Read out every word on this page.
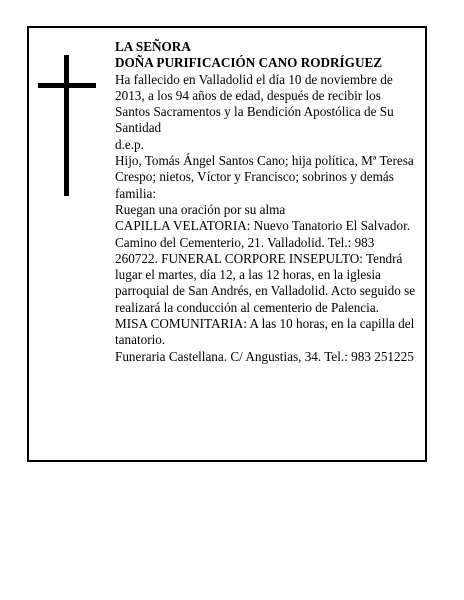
LA SEÑORA

DOÑA PURIFICACIÓN CANO RODRÍGUEZ

Ha fallecido en Valladolid el día 10 de noviembre de 2013, a los 94 años de edad, después de recibir los Santos Sacramentos y la Bendición Apostólica de Su Santidad

d.e.p.

Hijo, Tomás Ángel Santos Cano; hija política, Mª Teresa Crespo; nietos, Víctor y Francisco; sobrinos y demás familia:

Ruegan una oración por su alma

CAPILLA VELATORIA: Nuevo Tanatorio El Salvador. Camino del Cementerio, 21. Valladolid. Tel.: 983 260722. FUNERAL CORPORE INSEPULTO: Tendrá lugar el martes, día 12, a las 12 horas, en la iglesia parroquial de San Andrés, en Valladolid. Acto seguido se realizará la conducción al cementerio de Palencia.

MISA COMUNITARIA: A las 10 horas, en la capilla del tanatorio.

Funeraria Castellana. C/ Angustias, 34. Tel.: 983 251225
